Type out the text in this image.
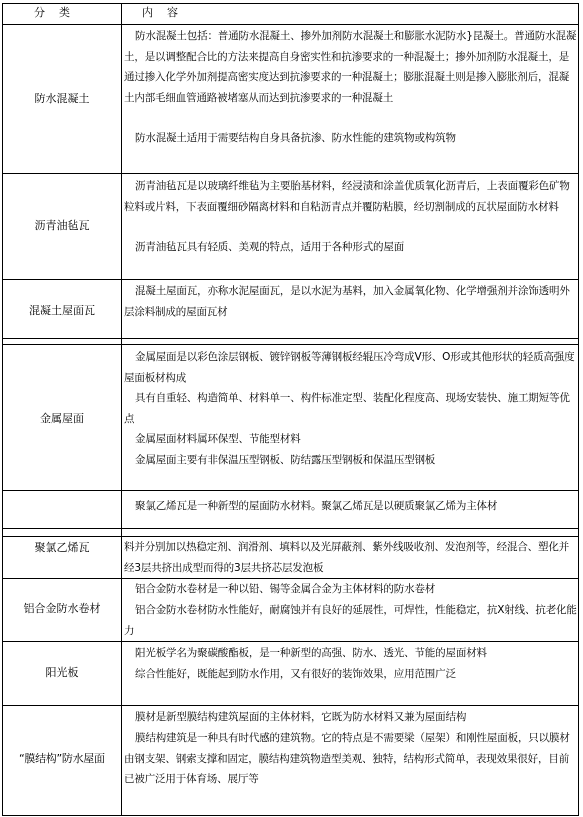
分    类	内    容
防水混凝土

防水混凝土包括：普通防水混凝土、掺外加剂防水混凝土和膨胀水泥防水}昆凝土。普通防水混凝土，是以调整配合比的方法来提高自身密实性和抗渗要求的一种混凝土；掺外加剂防水混凝土，是通过掺入化学外加剂提高密实度达到抗渗要求的一种混凝土；膨胀混凝土则是掺入膨胀剂后，混凝土内部毛细血管通路被堵塞从而达到抗渗要求的一种混凝土

防水混凝土适用于需要结构自身具备抗渗、防水性能的建筑物或构筑物

沥青油毡瓦

沥青油毡瓦是以玻璃纤维毡为主要胎基材料，经浸渍和涂盖优质氧化沥青后，上表面覆彩色矿物粒料或片料，下表面覆细砂隔离材料和自粘沥青点并覆防粘膜，经切割制成的瓦状屋面防水材料

沥青油毡瓦具有轻质、美观的特点，适用于各种形式的屋面

混凝土屋面瓦

混凝土屋面瓦，亦称水泥屋面瓦，是以水泥为基料，加入金属氧化物、化学增强剂并涂饰透明外层涂料制成的屋面瓦材

金属屋面

金属屋面是以彩色涂层钢板、镀锌钢板等薄钢板经辊压冷弯成V形、O形或其他形状的轻质高强度屋面板材构成

具有自重轻、构造简单、材料单一、构件标准定型、装配化程度高、现场安装快、施工期短等优点

金属屋面材料属环保型、节能型材料

金属屋面主要有非保温压型钢板、防结露压型钢板和保温压型钢板

聚氯乙烯瓦是一种新型的屋面防水材料。聚氯乙烯瓦是以硬质聚氯乙烯为主体材

聚氯乙烯瓦	料并分别加以热稳定剂、润滑剂、填料以及光屏蔽剂、紫外线吸收剂、发泡剂等，经混合、塑化并经3层共挤出成型而得的3层共挤芯层发泡板

铝合金防水卷材

铝合金防水卷材是一种以铅、锡等金属合金为主体材料的防水卷材

铝合金防水卷材防水性能好，耐腐蚀并有良好的延展性，可焊性，性能稳定，抗X射线、抗老化能力

阳光板

阳光板学名为聚碳酸酯板，是一种新型的高强、防水、透光、节能的屋面材料

综合性能好，既能起到防水作用，又有很好的装饰效果，应用范围广泛

“膜结构”防水屋面

膜材是新型膜结构建筑屋面的主体材料，它既为防水材料又兼为屋面结构

膜结构建筑是一种具有时代感的建筑物。它的特点是不需要梁（屋架）和刚性屋面板，只以膜材由钢支架、钢索支撑和固定，膜结构建筑物造型美观、独特，结构形式简单，表现效果很好，目前已被广泛用于体育场、展厅等
